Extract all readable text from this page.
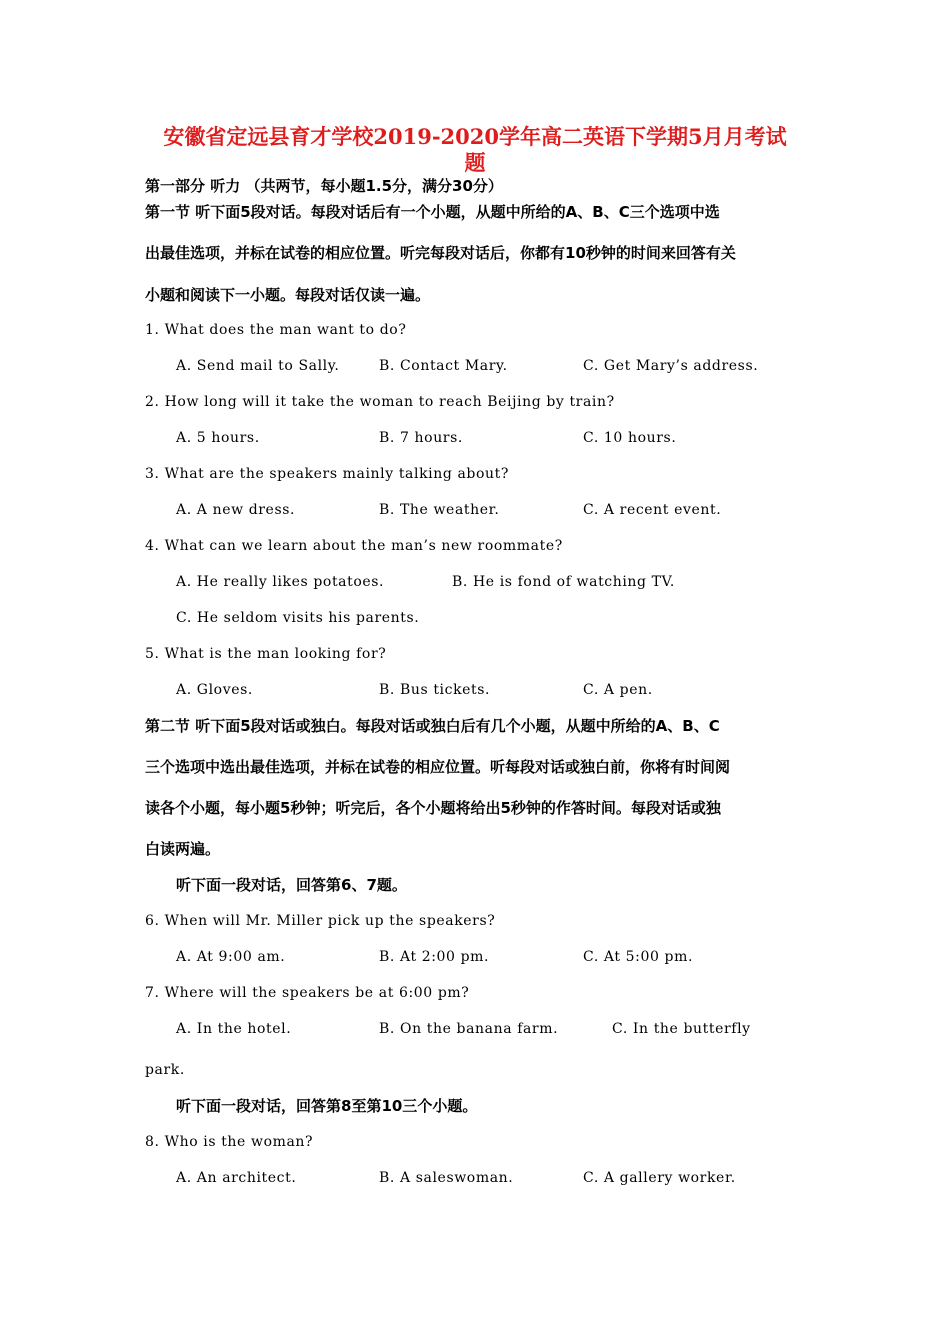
安徽省定远县育才学校2019-2020学年高二英语下学期5月月考试
题
第一部分 听力 （共两节，每小题1.5分，满分30分）
第一节 听下面5段对话。每段对话后有一个小题，从题中所给的A、B、C三个选项中选
出最佳选项，并标在试卷的相应位置。听完每段对话后，你都有10秒钟的时间来回答有关
小题和阅读下一小题。每段对话仅读一遍。
1. What does the man want to do?
A. Send mail to Sally.	B. Contact Mary.	C. Get Mary’s address.
2. How long will it take the woman to reach Beijing by train?
A. 5 hours.	B. 7 hours.	C. 10 hours.
3. What are the speakers mainly talking about?
A. A new dress.	B. The weather.	C. A recent event.
4. What can we learn about the man’s new roommate?
A. He really likes potatoes.	B. He is fond of watching TV.
C. He seldom visits his parents.
5. What is the man looking for?
A. Gloves.	B. Bus tickets.	C. A pen.
第二节 听下面5段对话或独白。每段对话或独白后有几个小题，从题中所给的A、B、C
三个选项中选出最佳选项，并标在试卷的相应位置。听每段对话或独白前，你将有时间阅
读各个小题，每小题5秒钟；听完后，各个小题将给出5秒钟的作答时间。每段对话或独
白读两遍。
听下面一段对话，回答第6、7题。
6. When will Mr. Miller pick up the speakers?
A. At 9:00 am.	B. At 2:00 pm.	C. At 5:00 pm.
7. Where will the speakers be at 6:00 pm?
A. In the hotel.	B. On the banana farm.	C. In the butterfly
park.
听下面一段对话，回答第8至第10三个小题。
8. Who is the woman?
A. An architect.	B. A saleswoman.	C. A gallery worker.
